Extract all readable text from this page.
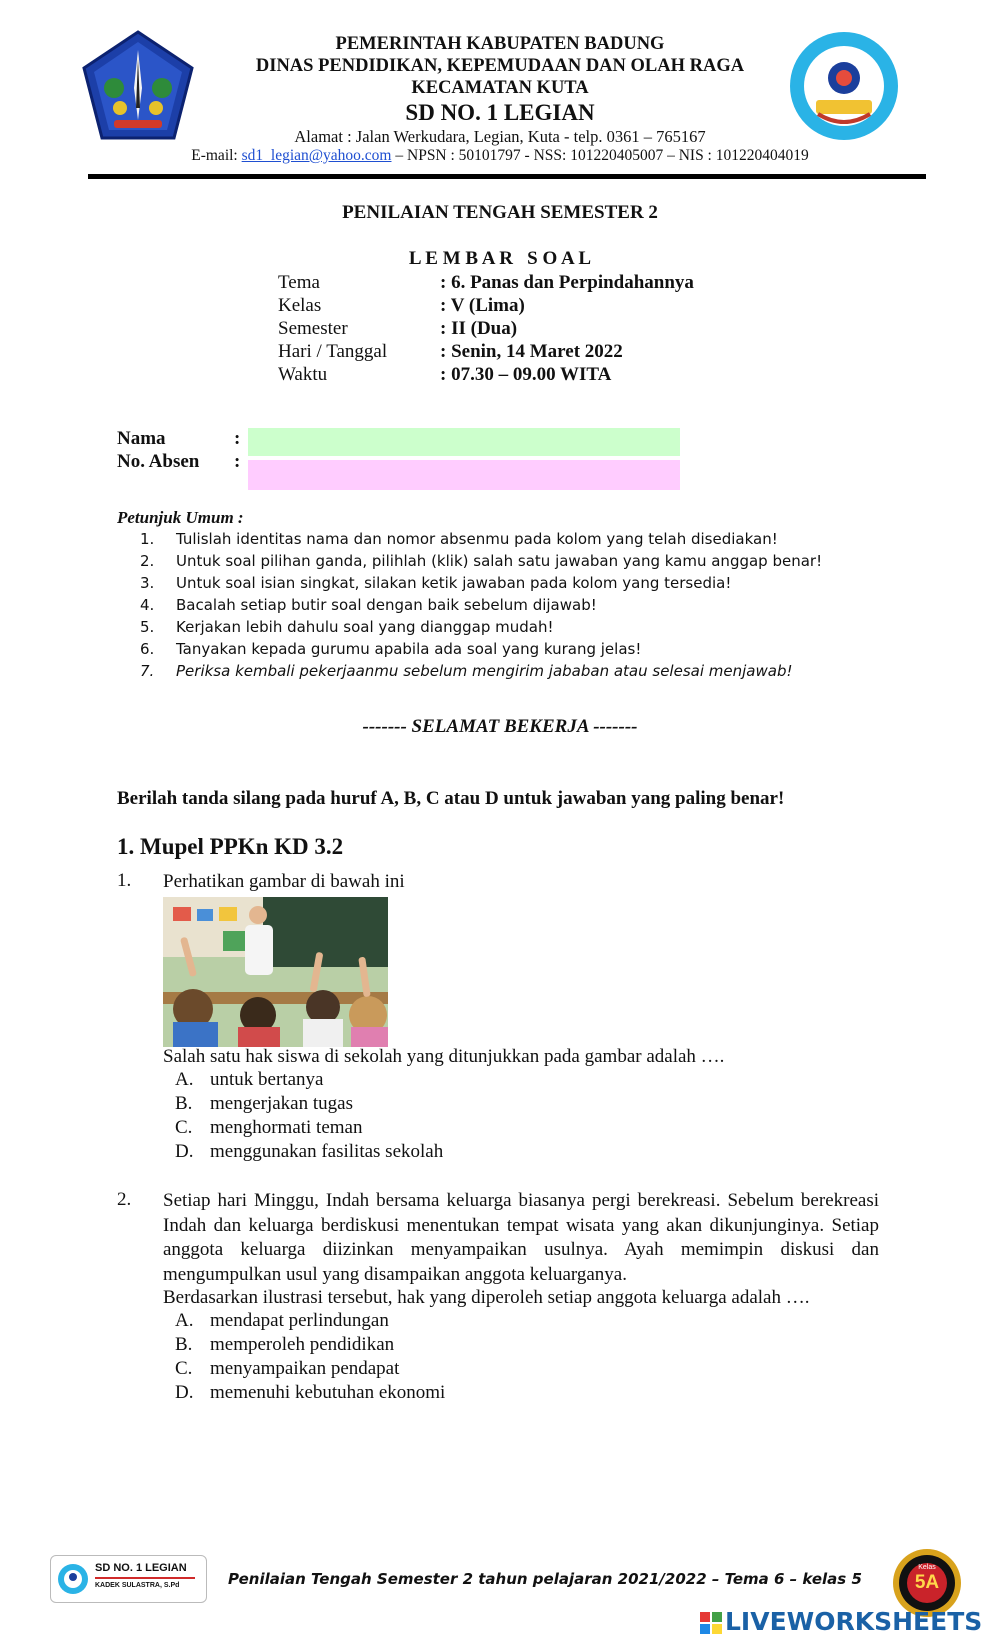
PEMERINTAH KABUPATEN BADUNG
DINAS PENDIDIKAN, KEPEMUDAAN DAN OLAH RAGA
KECAMATAN KUTA
SD NO. 1 LEGIAN
Alamat : Jalan Werkudara, Legian, Kuta - telp. 0361 – 765167
E-mail: sd1_legian@yahoo.com – NPSN : 50101797 - NSS: 101220405007 – NIS : 101220404019
PENILAIAN TENGAH SEMESTER 2
L E M B A R   S O A L
Tema	: 6. Panas dan Perpindahannya
Kelas	: V (Lima)
Semester	: II (Dua)
Hari / Tanggal	: Senin, 14 Maret 2022
Waktu	: 07.30 – 09.00 WITA
Nama	:
No. Absen :
Petunjuk Umum :
1. Tulislah identitas nama dan nomor absenmu pada kolom yang telah disediakan!
2. Untuk soal pilihan ganda, pilihlah (klik) salah satu jawaban yang kamu anggap benar!
3. Untuk soal isian singkat, silakan ketik jawaban pada kolom yang tersedia!
4. Bacalah setiap butir soal dengan baik sebelum dijawab!
5. Kerjakan lebih dahulu soal yang dianggap mudah!
6. Tanyakan kepada gurumu apabila ada soal yang kurang jelas!
7. Periksa kembali pekerjaanmu sebelum mengirim jababan atau selesai menjawab!
------- SELAMAT BEKERJA -------
Berilah tanda silang pada huruf A, B, C atau D untuk jawaban yang paling benar!
1. Mupel PPKn KD 3.2
1. Perhatikan gambar di bawah ini
Salah satu hak siswa di sekolah yang ditunjukkan pada gambar adalah ….
A. untuk bertanya
B. mengerjakan tugas
C. menghormati teman
D. menggunakan fasilitas sekolah
2. Setiap hari Minggu, Indah bersama keluarga biasanya pergi berekreasi. Sebelum berekreasi Indah dan keluarga berdiskusi menentukan tempat wisata yang akan dikunjunginya. Setiap anggota keluarga diizinkan menyampaikan usulnya. Ayah memimpin diskusi dan mengumpulkan usul yang disampaikan anggota keluarganya.
Berdasarkan ilustrasi tersebut, hak yang diperoleh setiap anggota keluarga adalah ….
A. mendapat perlindungan
B. memperoleh pendidikan
C. menyampaikan pendapat
D. memenuhi kebutuhan ekonomi
SD NO. 1 LEGIAN
KADEK SULASTRA, S.Pd	Penilaian Tengah Semester 2 tahun pelajaran 2021/2022 – Tema 6 – kelas 5
Kelas
5A
LIVEWORKSHEETS
